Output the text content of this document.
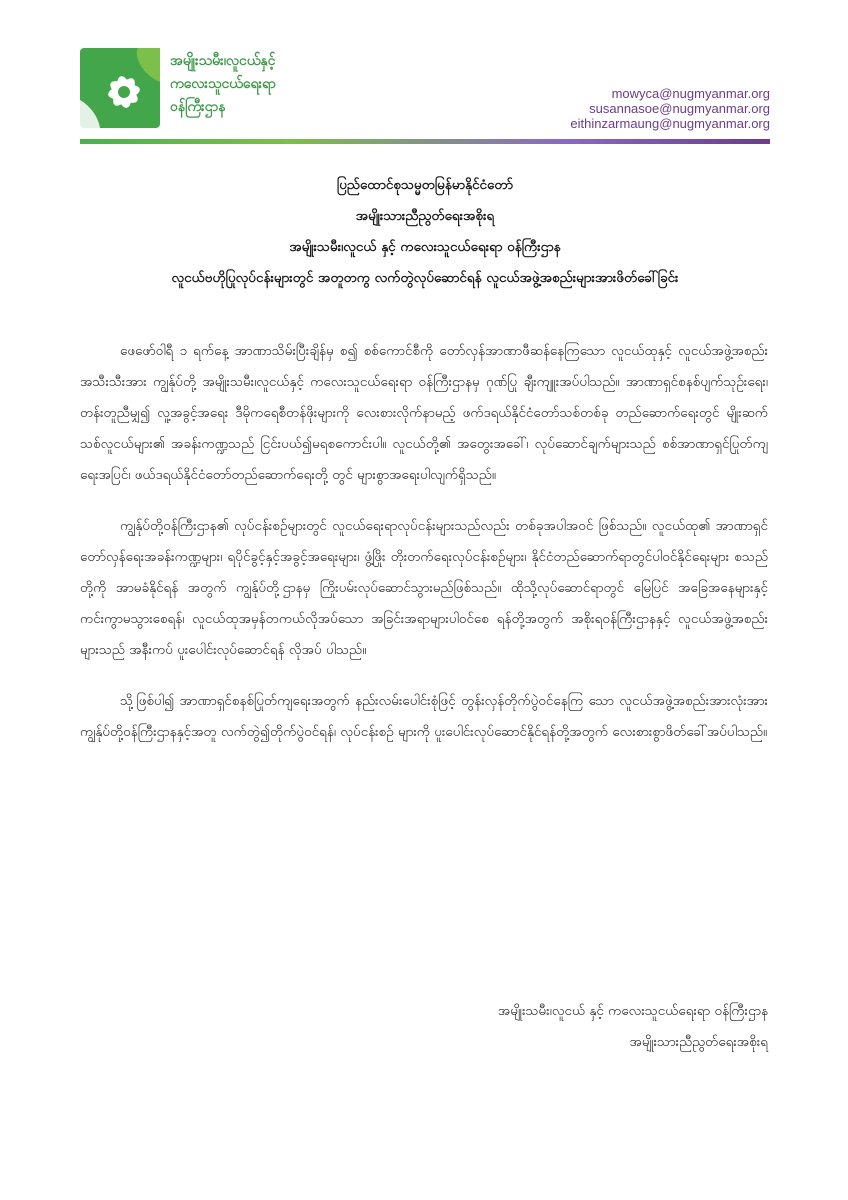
အမျိုးသမီး၊လူငယ်နှင့်
ကလေးသူငယ်ရေးရာ
ဝန်ကြီးဌာန
mowyca@nugmyanmar.org
susannasoe@nugmyanmar.org
eithinzarmaung@nugmyanmar.org
ပြည်ထောင်စုသမ္မတမြန်မာနိုင်ငံတော်
အမျိုးသားညီညွတ်ရေးအစိုးရ
အမျိုးသမီး၊လူငယ် နှင့် ကလေးသူငယ်ရေးရာ ဝန်ကြီးဌာန
လူငယ်ဗဟိုပြုလုပ်ငန်းများတွင် အတူတကွ လက်တွဲလုပ်ဆောင်ရန် လူငယ်အဖွဲ့အစည်းများအားဖိတ်ခေါ်ခြင်း

ဖေဖော်ဝါရီ ၁ ရက်နေ့ အာဏာသိမ်းပြီးချိန်မှ စ၍ စစ်ကောင်စီကို တော်လှန်အာဏာဖီဆန်နေကြသော လူငယ်ထုနှင့် လူငယ်အဖွဲ့အစည်းအသီးသီးအား ကျွန်ုပ်တို့ အမျိုးသမီး၊လူငယ်နှင့် ကလေးသူငယ်ရေးရာ ဝန်ကြီးဌာနမှ ဂုဏ်ပြု ချီးကျူးအပ်ပါသည်။ အာဏာရှင်စနစ်ပျက်သုဉ်းရေး၊ တန်းတူညီမျှ၍ လူ့အခွင့်အရေး ဒီမိုကရေစီတန်ဖိုးများကို လေးစားလိုက်နာမည့် ဖက်ဒရယ်နိုင်ငံတော်သစ်တစ်ခု တည်ဆောက်ရေးတွင် မျိုးဆက်သစ်လူငယ်များ၏ အခန်းကဏ္ဍသည် ငြင်းပယ်၍မရစကောင်းပါ။ လူငယ်တို့၏ အတွေးအခေါ်၊ လုပ်ဆောင်ချက်များသည် စစ်အာဏာရှင်ပြုတ်ကျရေးအပြင်၊ ဖယ်ဒရယ်နိုင်ငံတော်တည်ဆောက်ရေးတို့ တွင် များစွာအရေးပါလျက်ရှိသည်။

ကျွန်ုပ်တို့ဝန်ကြီးဌာန၏ လုပ်ငန်းစဉ်များတွင် လူငယ်ရေးရာလုပ်ငန်းများသည်လည်း တစ်ခုအပါအဝင် ဖြစ်သည်။ လူငယ်ထု၏ အာဏာရှင်တော်လှန်ရေးအခန်းကဏ္ဍများ၊ ရပိုင်ခွင့်နှင့်အခွင့်အရေးများ၊ ဖွံ့ဖြိုး တိုးတက်ရေးလုပ်ငန်းစဉ်များ၊ နိုင်ငံတည်ဆောက်ရာတွင်ပါဝင်နိုင်ရေးများ စသည်တို့ကို အာမခံနိုင်ရန် အတွက် ကျွန်ုပ်တို့ဌာနမှ ကြိုးပမ်းလုပ်ဆောင်သွားမည်ဖြစ်သည်။ ထိုသို့လုပ်ဆောင်ရာတွင် မြေပြင် အခြေအနေများနှင့် ကင်းကွာမသွားစေရန်၊ လူငယ်ထုအမှန်တကယ်လိုအပ်သော အခြင်းအရာများပါဝင်စေ ရန်တို့အတွက် အစိုးရဝန်ကြီးဌာနနှင့် လူငယ်အဖွဲ့အစည်းများသည် အနီးကပ် ပူးပေါင်းလုပ်ဆောင်ရန် လိုအပ် ပါသည်။

သို့ဖြစ်ပါ၍ အာဏာရှင်စနစ်ပြုတ်ကျရေးအတွက် နည်းလမ်းပေါင်းစုံဖြင့် တွန်းလှန်တိုက်ပွဲဝင်နေကြ သော လူငယ်အဖွဲ့အစည်းအားလုံးအား ကျွန်ုပ်တို့ဝန်ကြီးဌာနနှင့်အတူ လက်တွဲ၍တိုက်ပွဲဝင်ရန်၊ လုပ်ငန်းစဉ် များကို ပူးပေါင်းလုပ်ဆောင်နိုင်ရန်တို့အတွက် လေးစားစွာဖိတ်ခေါ်အပ်ပါသည်။

အမျိုးသမီး၊လူငယ် နှင့် ကလေးသူငယ်ရေးရာ ဝန်ကြီးဌာန
အမျိုးသားညီညွတ်ရေးအစိုးရ
